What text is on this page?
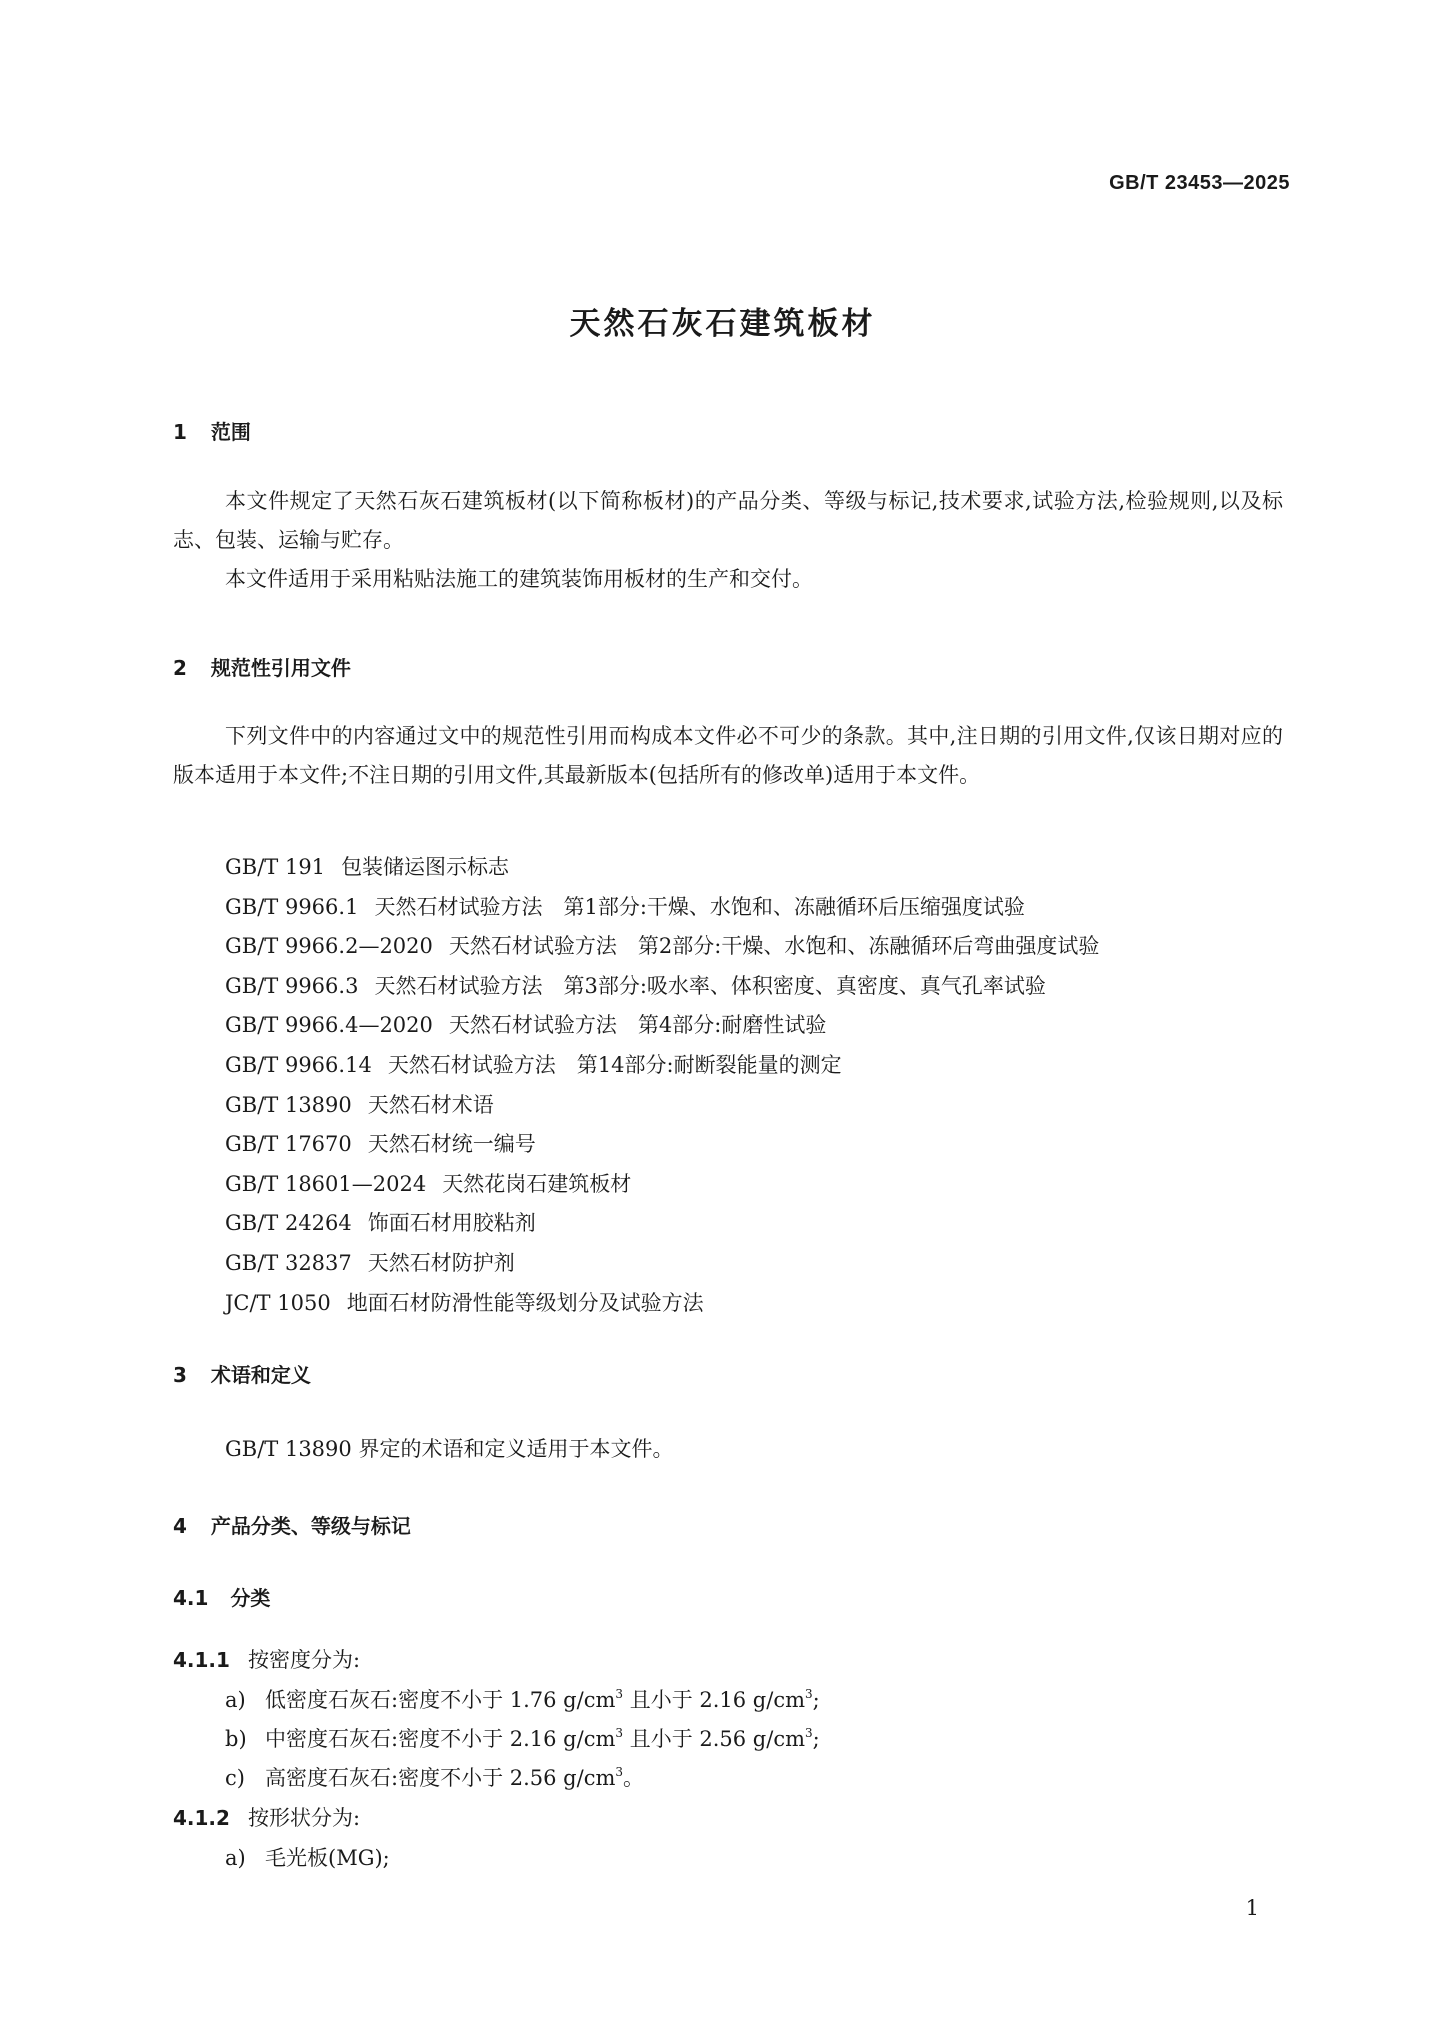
GB/T 23453—2025
天然石灰石建筑板材
1 范围

本文件规定了天然石灰石建筑板材(以下简称板材)的产品分类、等级与标记,技术要求,试验方法,检验规则,以及标志、包装、运输与贮存。

本文件适用于采用粘贴法施工的建筑装饰用板材的生产和交付。

2 规范性引用文件

下列文件中的内容通过文中的规范性引用而构成本文件必不可少的条款。其中,注日期的引用文件,仅该日期对应的版本适用于本文件;不注日期的引用文件,其最新版本(包括所有的修改单)适用于本文件。

GB/T 191 包装储运图示标志
GB/T 9966.1 天然石材试验方法　第1部分:干燥、水饱和、冻融循环后压缩强度试验
GB/T 9966.2—2020 天然石材试验方法　第2部分:干燥、水饱和、冻融循环后弯曲强度试验
GB/T 9966.3 天然石材试验方法　第3部分:吸水率、体积密度、真密度、真气孔率试验
GB/T 9966.4—2020 天然石材试验方法　第4部分:耐磨性试验
GB/T 9966.14 天然石材试验方法　第14部分:耐断裂能量的测定
GB/T 13890 天然石材术语
GB/T 17670 天然石材统一编号
GB/T 18601—2024 天然花岗石建筑板材
GB/T 24264 饰面石材用胶粘剂
GB/T 32837 天然石材防护剂
JC/T 1050 地面石材防滑性能等级划分及试验方法
3 术语和定义
GB/T 13890 界定的术语和定义适用于本文件。
4 产品分类、等级与标记
4.1 分类
4.1.1 按密度分为:
a) 低密度石灰石:密度不小于 1.76 $g/cm^3$ 且小于 2.16 $g/cm^3$;
b) 中密度石灰石:密度不小于 2.16 $g/cm^3$ 且小于 2.56 $g/cm^3$;
c) 高密度石灰石:密度不小于 2.56 $g/cm^3$。
4.1.2 按形状分为:
a) 毛光板(MG);
1
